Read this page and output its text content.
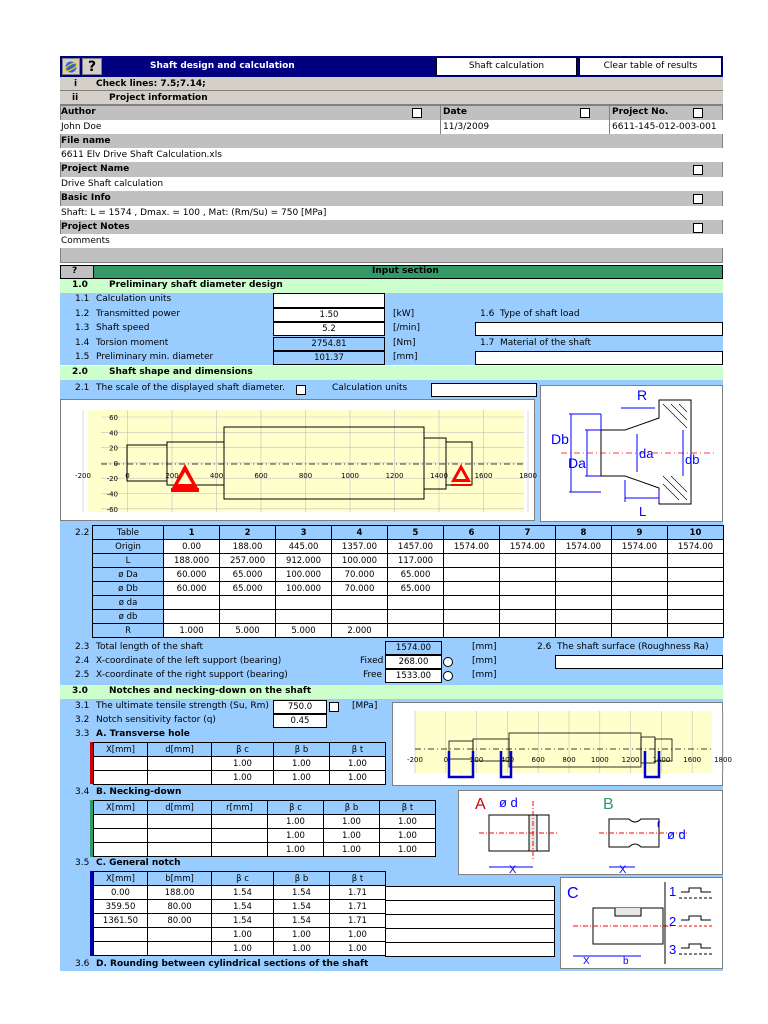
?	Shaft design and calculation	Shaft calculation	Clear table of results
i Check lines: 7.5;7.14;
ii	Project information
Author
John Doe
Date
11/3/2009
Project No.
6611-145-012-003-001
File name
6611 Elv Drive Shaft Calculation.xls
Project Name
Drive Shaft calculation
Basic Info
Shaft: L = 1574 , Dmax. = 100 , Mat: (Rm/Su) = 750 [MPa]
Project Notes
Comments
?	Input section
1.0 Preliminary shaft diameter design
1.1 Calculation units
1.2 Transmitted power	1.50	[kW]	1.6 Type of shaft load
1.3 Shaft speed	5.2	[/min]
1.4 Torsion moment	2754.81	[Nm]	1.7 Material of the shaft
1.5 Preliminary min. diameter	101.37	[mm]
2.0 Shaft shape and dimensions
2.1 The scale of the displayed shaft diameter.	Calculation units
60
40
20
0
-20
-40
-60
-200	0	200	400	600	800	1000	1200	1400	1600	1800
R
Db
Da
da db
L
2.2	Table	1	2	3	4	5	6	7	8	9	10
Origin	0.00	188.00	445.00	1357.00	1457.00	1574.00	1574.00	1574.00	1574.00	1574.00
L	188.000	257.000	912.000	100.000	117.000					
ø Da	60.000	65.000	100.000	70.000	65.000					
ø Db	60.000	65.000	100.000	70.000	65.000					
ø da										
ø db										
R	1.000	5.000	5.000	2.000						
2.3 Total length of the shaft	1574.00	[mm]	2.6 The shaft surface (Roughness Ra)
2.4 X-coordinate of the left support (bearing)	Fixed	268.00	[mm]
2.5 X-coordinate of the right support (bearing)	Free	1533.00	[mm]
3.0 Notches and necking-down on the shaft
3.1 The ultimate tensile strength (Su, Rm)	750.0	[MPa]
3.2 Notch sensitivity factor (q)	0.45
3.3 A. Transverse hole
X[mm]	d[mm]	β c	β b	β t
		1.00	1.00	1.00
		1.00	1.00	1.00
3.4 B. Necking-down
X[mm]	d[mm]	r[mm]	β c	β b	β t
			1.00	1.00	1.00
			1.00	1.00	1.00
			1.00	1.00	1.00
3.5 C. General notch
X[mm]	b[mm]	β c	β b	β t
0.00	188.00	1.54	1.54	1.71
359.50	80.00	1.54	1.54	1.71
1361.50	80.00	1.54	1.54	1.71
		1.00	1.00	1.00
		1.00	1.00	1.00
3.6 D. Rounding between cylindrical sections of the shaft
-200	0	200 400 600 800 1000 1200 1400 1600 1800
A ø d
X
B
r
ø d
X
C
X	b
1
2
3
